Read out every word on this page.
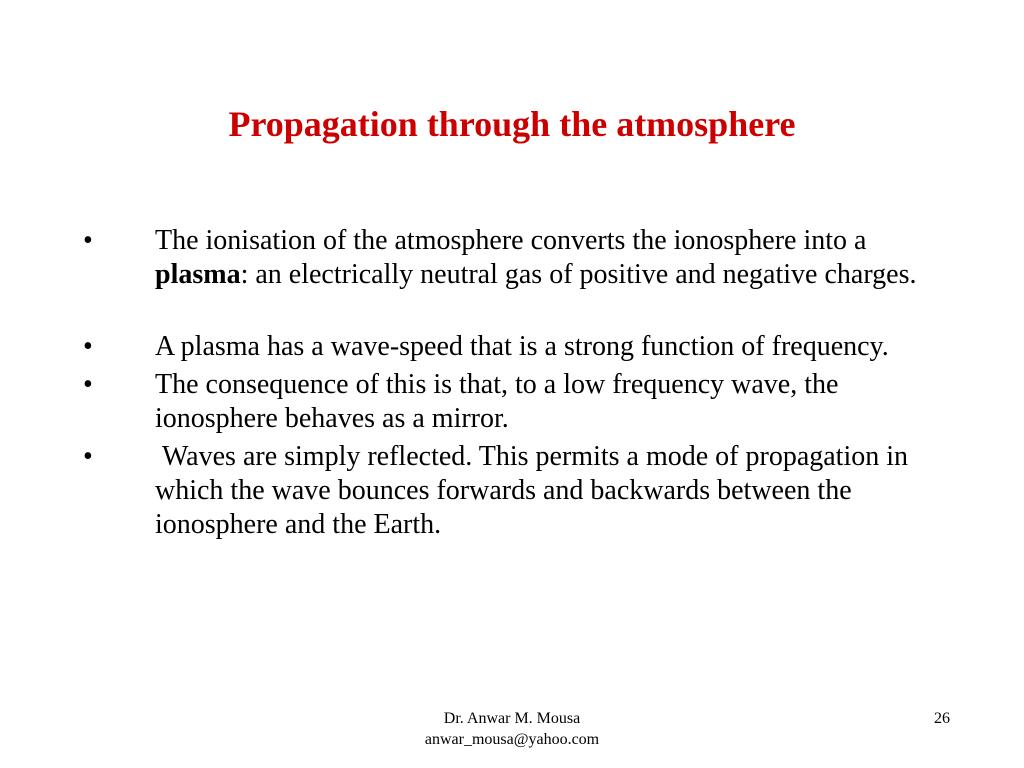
Propagation through the atmosphere
•	The ionisation of the atmosphere converts the ionosphere into a plasma: an electrically neutral gas of positive and negative charges.
•	A plasma has a wave-speed that is a strong function of frequency.
•	The consequence of this is that, to a low frequency wave, the ionosphere behaves as a mirror.
•	Waves are simply reflected. This permits a mode of propagation in which the wave bounces forwards and backwards between the ionosphere and the Earth.
Dr. Anwar M. Mousa
anwar_mousa@yahoo.com
26
